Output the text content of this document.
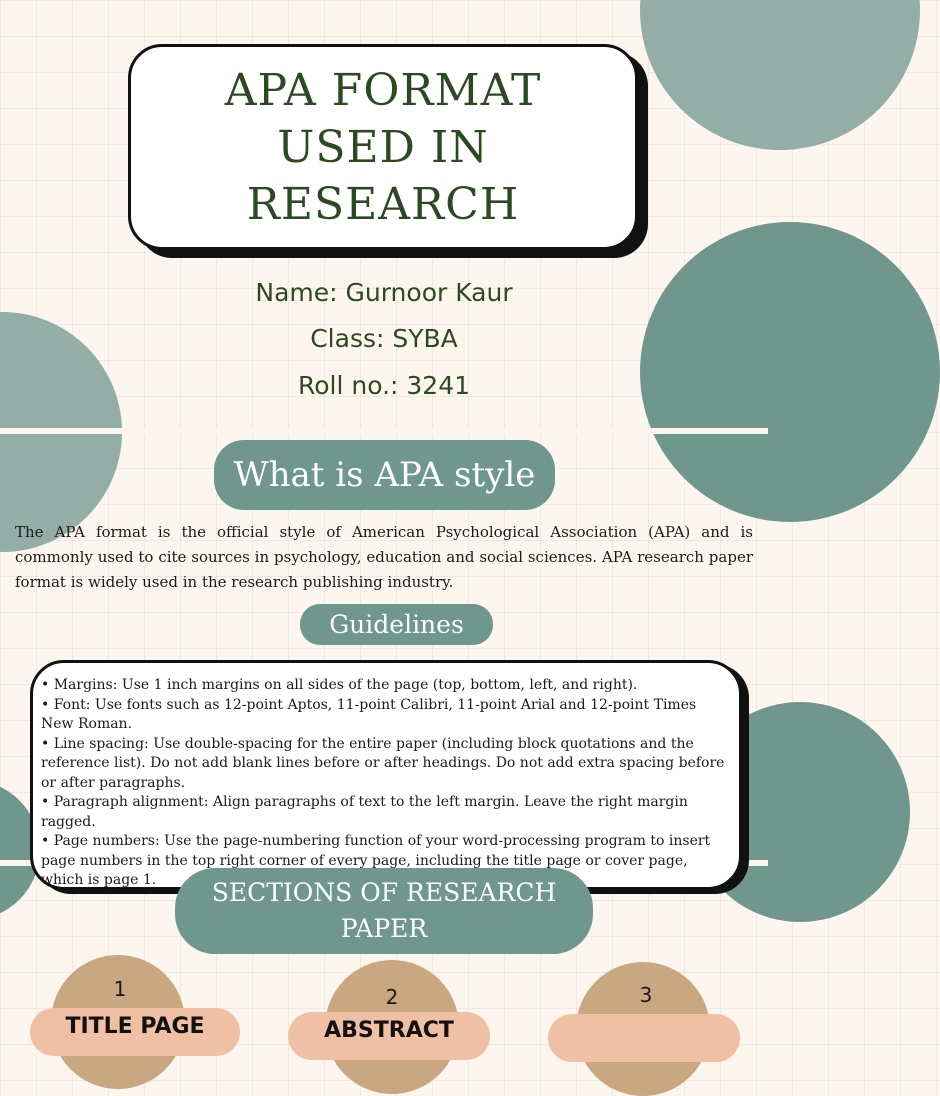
APA FORMAT
USED IN
RESEARCH
Name: Gurnoor Kaur
Class: SYBA
Roll no.: 3241
What is APA style

The APA format is the official style of American Psychological Association (APA) and is commonly used to cite sources in psychology, education and social sciences. APA research paper format is widely used in the research publishing industry.

Guidelines

• Margins: Use 1 inch margins on all sides of the page (top, bottom, left, and right).

• Font: Use fonts such as 12-point Aptos, 11-point Calibri, 11-point Arial and 12-point Times New Roman.

• Line spacing: Use double-spacing for the entire paper (including block quotations and the reference list). Do not add blank lines before or after headings. Do not add extra spacing before or after paragraphs.

• Paragraph alignment: Align paragraphs of text to the left margin. Leave the right margin ragged.

• Page numbers: Use the page-numbering function of your word-processing program to insert page numbers in the top right corner of every page, including the title page or cover page, which is page 1.	SECTIONS OF RESEARCH
PAPER
1
TITLE PAGE
2
ABSTRACT
3
